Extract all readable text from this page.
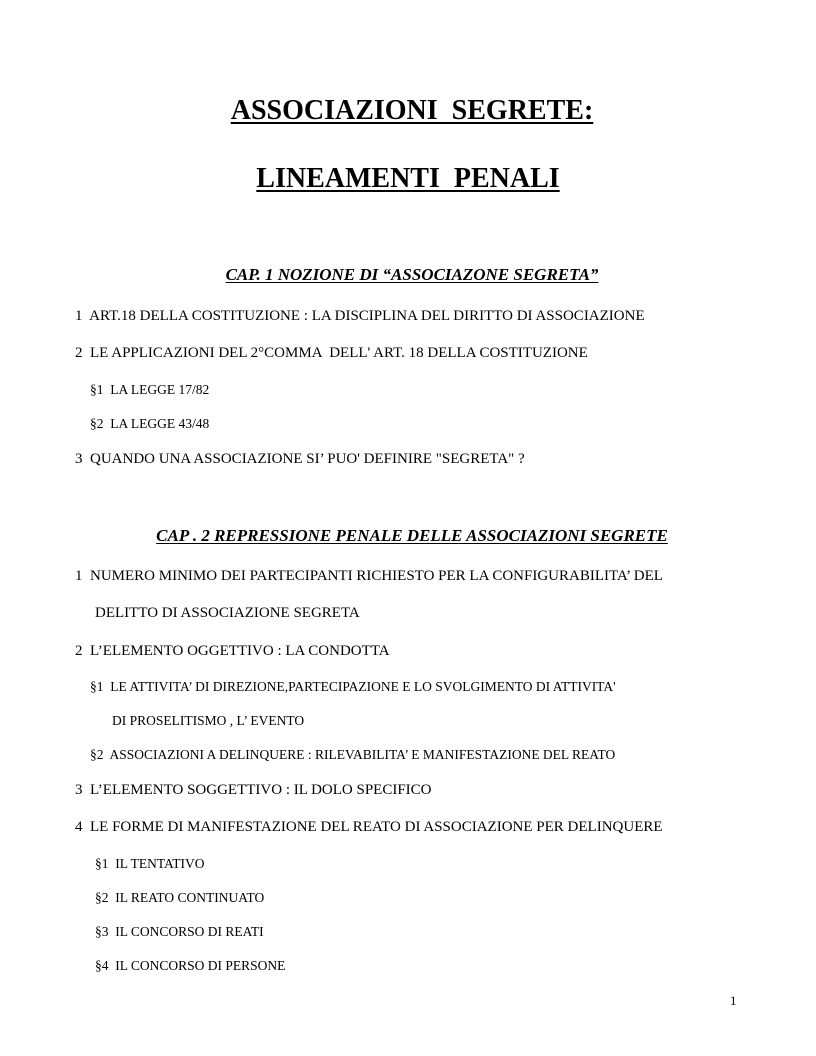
ASSOCIAZIONI  SEGRETE:
LINEAMENTI  PENALI
CAP. 1 NOZIONE DI “ASSOCIAZONE SEGRETA”

1  ART.18 DELLA COSTITUZIONE : LA DISCIPLINA DEL DIRITTO DI ASSOCIAZIONE

2  LE APPLICAZIONI DEL 2°COMMA  DELL' ART. 18 DELLA COSTITUZIONE

§1  LA LEGGE 17/82

§2  LA LEGGE 43/48

3  QUANDO UNA ASSOCIAZIONE SI’ PUO' DEFINIRE "SEGRETA" ?

CAP . 2 REPRESSIONE PENALE DELLE ASSOCIAZIONI SEGRETE

1  NUMERO MINIMO DEI PARTECIPANTI RICHIESTO PER LA CONFIGURABILITA’ DEL

DELITTO DI ASSOCIAZIONE SEGRETA

2  L’ELEMENTO OGGETTIVO : LA CONDOTTA

§1  LE ATTIVITA’ DI DIREZIONE,PARTECIPAZIONE E LO SVOLGIMENTO DI ATTIVITA'

DI PROSELITISMO , L’ EVENTO

§2  ASSOCIAZIONI A DELINQUERE : RILEVABILITA’ E MANIFESTAZIONE DEL REATO

3  L’ELEMENTO SOGGETTIVO : IL DOLO SPECIFICO

4  LE FORME DI MANIFESTAZIONE DEL REATO DI ASSOCIAZIONE PER DELINQUERE

§1  IL TENTATIVO

§2  IL REATO CONTINUATO

§3  IL CONCORSO DI REATI

§4  IL CONCORSO DI PERSONE

1
